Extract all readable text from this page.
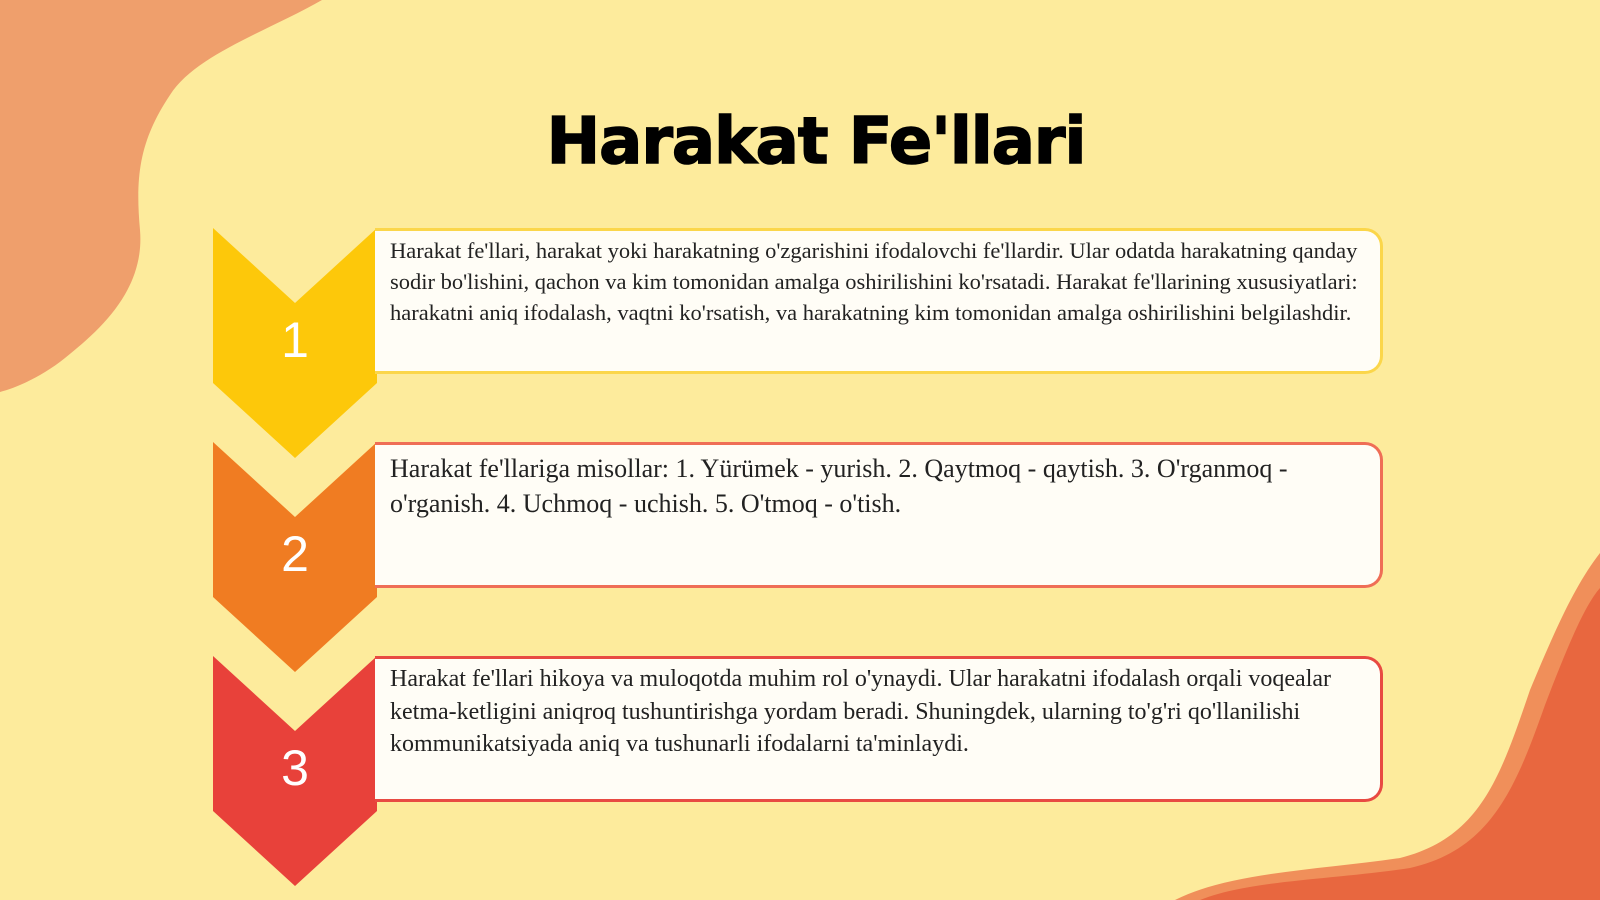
Harakat Fe'llari
1

Harakat fe'llari, harakat yoki harakatning o'zgarishini ifodalovchi fe'llardir. Ular odatda harakatning qanday sodir bo'lishini, qachon va kim tomonidan amalga oshirilishini ko'rsatadi. Harakat fe'llarining xususiyatlari: harakatni aniq ifodalash, vaqtni ko'rsatish, va harakatning kim tomonidan amalga oshirilishini belgilashdir.

2

Harakat fe'llariga misollar: 1. Yürümek - yurish. 2. Qaytmoq - qaytish. 3. O'rganmoq - o'rganish. 4. Uchmoq - uchish. 5. O'tmoq - o'tish.

3

Harakat fe'llari hikoya va muloqotda muhim rol o'ynaydi. Ular harakatni ifodalash orqali voqealar ketma-ketligini aniqroq tushuntirishga yordam beradi. Shuningdek, ularning to'g'ri qo'llanilishi kommunikatsiyada aniq va tushunarli ifodalarni ta'minlaydi.
